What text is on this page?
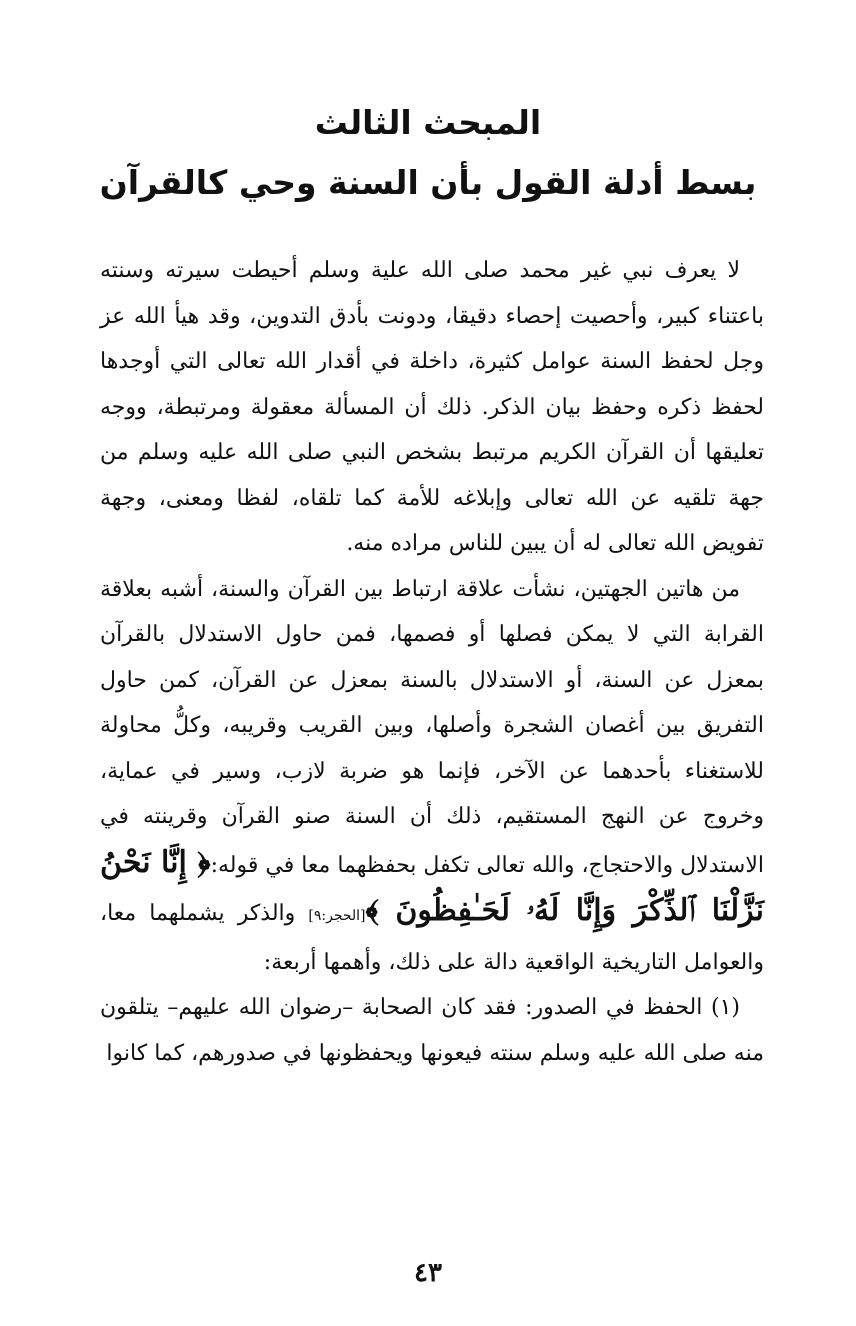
المبحث الثالث
بسط أدلة القول بأن السنة وحي كالقرآن

لا يعرف نبي غير محمد صلى الله علية وسلم أحيطت سيرته وسنته باعتناء كبير، وأحصيت إحصاء دقيقا، ودونت بأدق التدوين، وقد هيأ الله عز وجل لحفظ السنة عوامل كثيرة، داخلة في أقدار الله تعالى التي أوجدها لحفظ ذكره وحفظ بيان الذكر. ذلك أن المسألة معقولة ومرتبطة، ووجه تعليقها أن القرآن الكريم مرتبط بشخص النبي صلى الله عليه وسلم من جهة تلقيه عن الله تعالى وإبلاغه للأمة كما تلقاه، لفظا ومعنى، وجهة تفويض الله تعالى له أن يبين للناس مراده منه.

من هاتين الجهتين، نشأت علاقة ارتباط بين القرآن والسنة، أشبه بعلاقة القرابة التي لا يمكن فصلها أو فصمها، فمن حاول الاستدلال بالقرآن بمعزل عن السنة، أو الاستدلال بالسنة بمعزل عن القرآن، كمن حاول التفريق بين أغصان الشجرة وأصلها، وبين القريب وقريبه، وكلُّ محاولة للاستغناء بأحدهما عن الآخر، فإنما هو ضربة لازب، وسير في عماية، وخروج عن النهج المستقيم، ذلك أن السنة صنو القرآن وقرينته في الاستدلال والاحتجاج، والله تعالى تكفل بحفظهما معا في قوله:﴿ إِنَّا نَحْنُ نَزَّلْنَا ٱلذِّكْرَ وَإِنَّا لَهُۥ لَحَـٰفِظُونَ ﴾[الحجر:٩] والذكر يشملهما معا، والعوامل التاريخية الواقعية دالة على ذلك، وأهمها أربعة:

(١) الحفظ في الصدور: فقد كان الصحابة –رضوان الله عليهم– يتلقون منه صلى الله عليه وسلم سنته فيعونها ويحفظونها في صدورهم، كما كانوا

٤٣
